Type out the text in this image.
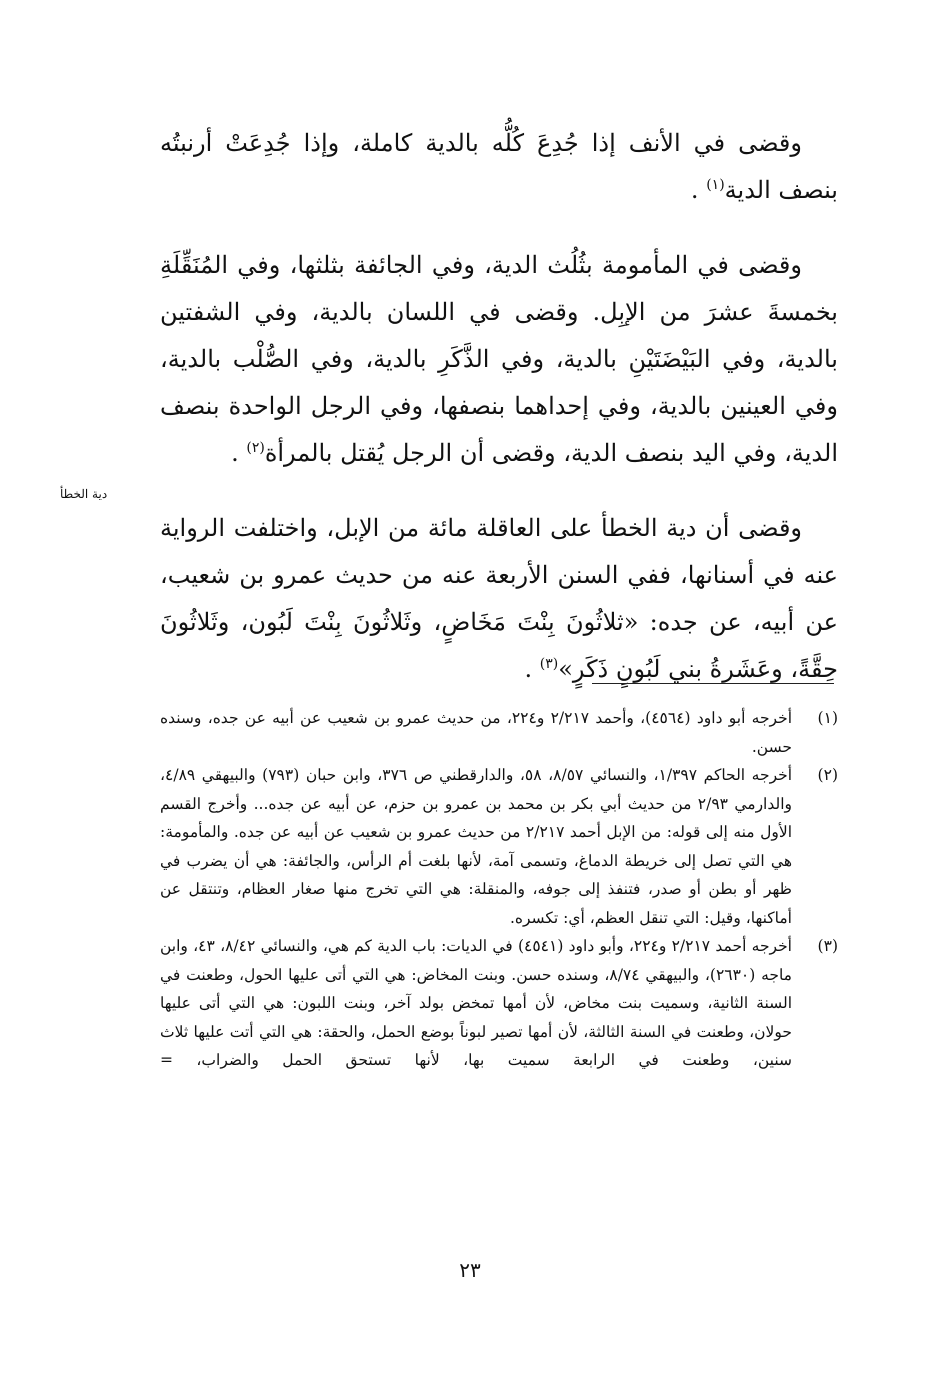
وقضى في الأنف إذا جُدِعَ كُلُّه بالدية كاملة، وإذا جُدِعَتْ أرنبتُه بنصف الدية$^{(١)}$ .

وقضى في المأمومة بثُلُث الدية، وفي الجائفة بثلثها، وفي المُنَقِّلَةِ بخمسةَ عشرَ من الإبِل. وقضى في اللسان بالدية، وفي الشفتين بالدية، وفي البَيْضَتَيْنِ بالدية، وفي الذَّكَرِ بالدية، وفي الصُّلْب بالدية، وفي العينين بالدية، وفي إحداهما بنصفها، وفي الرجل الواحدة بنصف الدية، وفي اليد بنصف الدية، وقضى أن الرجل يُقتل بالمرأة$^{(٢)}$ .

وقضى أن دية الخطأ على العاقلة مائة من الإبل، واختلفت الرواية عنه في أسنانها، ففي السنن الأربعة عنه من حديث عمرو بن شعيب، عن أبيه، عن جده: «ثلاثُونَ بِنْتَ مَخَاضٍ، وثَلاثُونَ بِنْتَ لَبُون، وثَلاثُونَ حِقَّةً، وعَشَرةُ بني لَبُونٍ ذَكَرٍ»$^{(٣)}$ .

دية الخطأ
(١)
أخرجه أبو داود (٤٥٦٤)، وأحمد ٢/٢١٧ و٢٢٤، من حديث عمرو بن شعيب عن أبيه عن جده، وسنده حسن.
(٢)
أخرجه الحاكم ١/٣٩٧، والنسائي ٨/٥٧، ٥٨، والدارقطني ص ٣٧٦، وابن حبان (٧٩٣) والبيهقي ٤/٨٩، والدارمي ٢/٩٣ من حديث أبي بكر بن محمد بن عمرو بن حزم، عن أبيه عن جده... وأخرج القسم الأول منه إلى قوله: من الإبل أحمد ٢/٢١٧ من حديث عمرو بن شعيب عن أبيه عن جده. والمأمومة: هي التي تصل إلى خريطة الدماغ، وتسمى آمة، لأنها بلغت أم الرأس، والجائفة: هي أن يضرب في ظهر أو بطن أو صدر، فتنفذ إلى جوفه، والمنقلة: هي التي تخرج منها صغار العظام، وتنتقل عن أماكنها، وقيل: التي تنقل العظم، أي: تكسره.
(٣)
أخرجه أحمد ٢/٢١٧ و٢٢٤، وأبو داود (٤٥٤١) في الديات: باب الدية كم هي، والنسائي ٨/٤٢، ٤٣، وابن ماجه (٢٦٣٠)، والبيهقي ٨/٧٤، وسنده حسن. وبنت المخاض: هي التي أتى عليها الحول، وطعنت في السنة الثانية، وسميت بنت مخاض، لأن أمها تمخض بولد آخر، وبنت اللبون: هي التي أتى عليها حولان، وطعنت في السنة الثالثة، لأن أمها تصير لبوناً بوضع الحمل، والحقة: هي التي أتت عليها ثلاث سنين، وطعنت في الرابعة سميت بها، لأنها تستحق الحمل والضراب، =
٢٣
